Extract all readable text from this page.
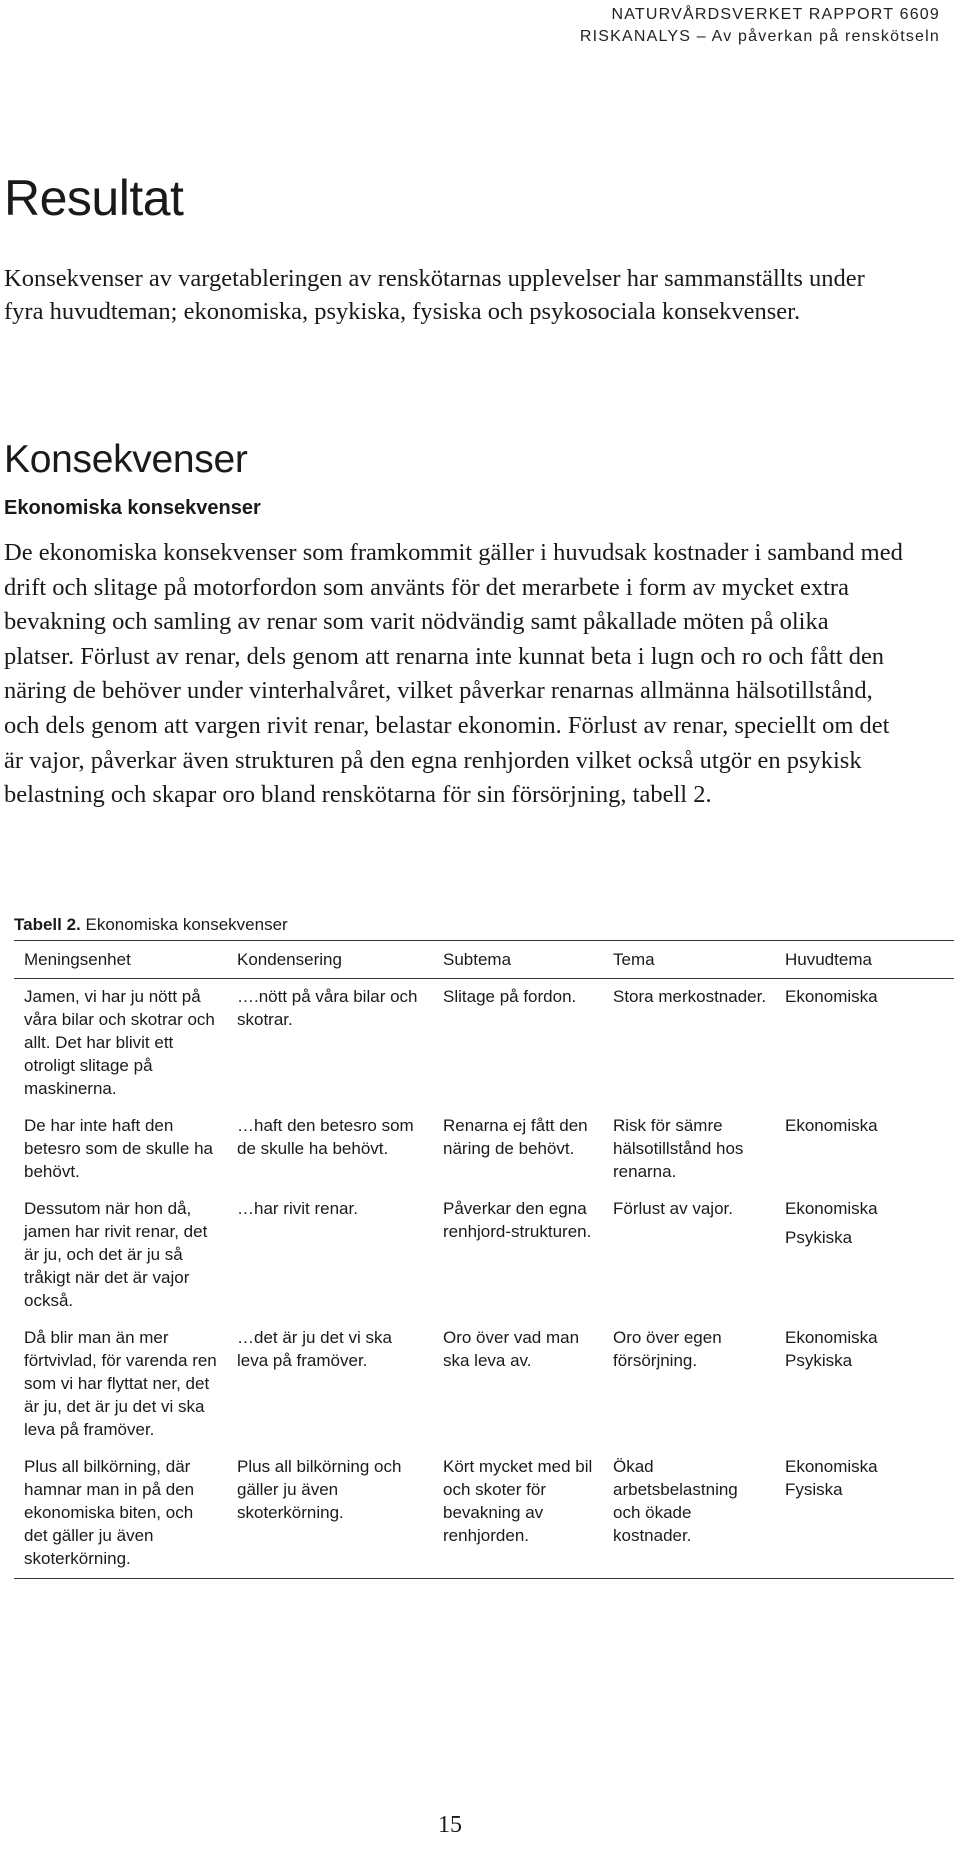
NATURVÅRDSVERKET RAPPORT 6609
RISKANALYS – Av påverkan på renskötseln
Resultat

Konsekvenser av vargetableringen av renskötarnas upplevelser har sammanställts under fyra huvudteman; ekonomiska, psykiska, fysiska och psykosociala konsekvenser.

Konsekvenser
Ekonomiska konsekvenser

De ekonomiska konsekvenser som framkommit gäller i huvudsak kostnader i samband med drift och slitage på motorfordon som använts för det merarbete i form av mycket extra bevakning och samling av renar som varit nödvändig samt påkallade möten på olika platser. Förlust av renar, dels genom att renarna inte kunnat beta i lugn och ro och fått den näring de behöver under vinterhalvåret, vilket påverkar renarnas allmänna hälsotillstånd, och dels genom att vargen rivit renar, belastar ekonomin. Förlust av renar, speciellt om det är vajor, påverkar även strukturen på den egna renhjorden vilket också utgör en psykisk belastning och skapar oro bland renskötarna för sin försörjning, tabell 2.

Tabell 2. Ekonomiska konsekvenser
Meningsenhet	Kondensering	Subtema	Tema	Huvudtema
Jamen, vi har ju nött på våra bilar och skotrar och allt. Det har blivit ett otroligt slitage på maskinerna.	….nött på våra bilar och skotrar.	Slitage på fordon.	Stora merkostnader.	Ekonomiska

De har inte haft den betesro som de skulle ha behövt.	…haft den betesro som de skulle ha behövt.	Renarna ej fått den näring de behövt.	Risk för sämre hälsotillstånd hos renarna.	Ekonomiska

Dessutom när hon då, jamen har rivit renar, det är ju, och det är ju så tråkigt när det är vajor också.	…har rivit renar.	Påverkar den egna renhjord-strukturen.	Förlust av vajor.	Ekonomiska
Psykiska

Då blir man än mer förtvivlad, för varenda ren som vi har flyttat ner, det är ju, det är ju det vi ska leva på framöver.	…det är ju det vi ska leva på framöver.	Oro över vad man ska leva av.	Oro över egen försörjning.	Ekonomiska
Psykiska

Plus all bilkörning, där hamnar man in på den ekonomiska biten, och det gäller ju även skoterkörning.	Plus all bilkörning och gäller ju även skoterkörning.	Kört mycket med bil och skoter för bevakning av renhjorden.	Ökad arbetsbelastning och ökade kostnader.	Ekonomiska
Fysiska
15
